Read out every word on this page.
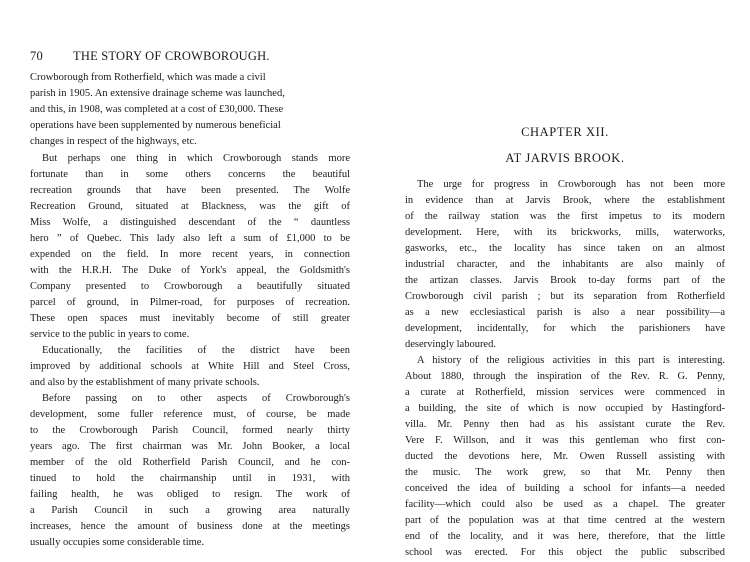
70 THE STORY OF CROWBOROUGH.
Crowborough from Rotherfield, which was made a civil
parish in 1905. An extensive drainage scheme was launched,
and this, in 1908, was completed at a cost of £30,000. These
operations have been supplemented by numerous beneficial
changes in respect of the highways, etc.
But perhaps one thing in which Crowborough stands more
fortunate than in some others concerns the beautiful
recreation grounds that have been presented. The Wolfe
Recreation Ground, situated at Blackness, was the gift of
Miss Wolfe, a distinguished descendant of the “ dauntless
hero ” of Quebec. This lady also left a sum of £1,000 to be
expended on the field. In more recent years, in connection
with the H.R.H. The Duke of York's appeal, the Goldsmith's
Company presented to Crowborough a beautifully situated
parcel of ground, in Pilmer-road, for purposes of recreation.
These open spaces must inevitably become of still greater
service to the public in years to come.
Educationally, the facilities of the district have been
improved by additional schools at White Hill and Steel Cross,
and also by the establishment of many private schools.
Before passing on to other aspects of Crowborough's
development, some fuller reference must, of course, be made
to the Crowborough Parish Council, formed nearly thirty
years ago. The first chairman was Mr. John Booker, a local
member of the old Rotherfield Parish Council, and he con-
tinued to hold the chairmanship until in 1931, with
failing health, he was obliged to resign. The work of
a Parish Council in such a growing area naturally
increases, hence the amount of business done at the meetings
usually occupies some considerable time.
CHAPTER XII.
AT JARVIS BROOK.
The urge for progress in Crowborough has not been more
in evidence than at Jarvis Brook, where the establishment
of the railway station was the first impetus to its modern
development. Here, with its brickworks, mills, waterworks,
gasworks, etc., the locality has since taken on an almost
industrial character, and the inhabitants are also mainly of
the artizan classes. Jarvis Brook to-day forms part of the
Crowborough civil parish ; but its separation from Rotherfield
as a new ecclesiastical parish is also a near possibility—a
development, incidentally, for which the parishioners have
deservingly laboured.
A history of the religious activities in this part is interesting.
About 1880, through the inspiration of the Rev. R. G. Penny,
a curate at Rotherfield, mission services were commenced in
a building, the site of which is now occupied by Hastingford-
villa. Mr. Penny then had as his assistant curate the Rev.
Vere F. Willson, and it was this gentleman who first con-
ducted the devotions here, Mr. Owen Russell assisting with
the music. The work grew, so that Mr. Penny then
conceived the idea of building a school for infants—a needed
facility—which could also be used as a chapel. The greater
part of the population was at that time centred at the western
end of the locality, and it was here, therefore, that the little
school was erected. For this object the public subscribed
